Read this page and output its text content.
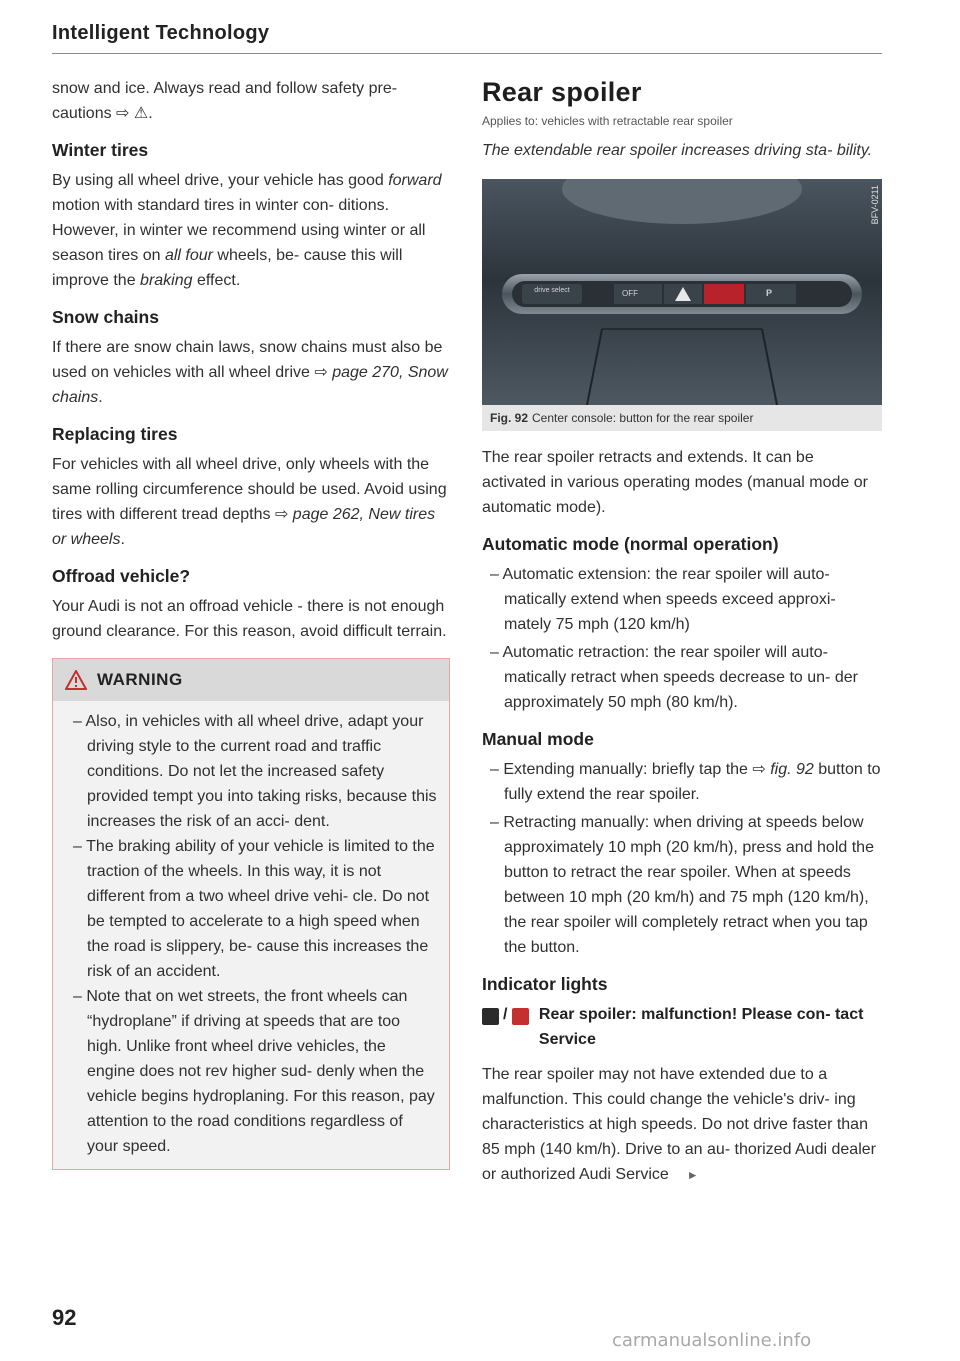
Intelligent Technology

snow and ice. Always read and follow safety pre- cautions ⇨ ⚠.

Winter tires

By using all wheel drive, your vehicle has good forward motion with standard tires in winter con- ditions. However, in winter we recommend using winter or all season tires on all four wheels, be- cause this will improve the braking effect.

Snow chains

If there are snow chain laws, snow chains must also be used on vehicles with all wheel drive ⇨ page 270, Snow chains.

Replacing tires

For vehicles with all wheel drive, only wheels with the same rolling circumference should be used. Avoid using tires with different tread depths ⇨ page 262, New tires or wheels.

Offroad vehicle?

Your Audi is not an offroad vehicle - there is not enough ground clearance. For this reason, avoid difficult terrain.

WARNING
– Also, in vehicles with all wheel drive, adapt your driving style to the current road and traffic conditions. Do not let the increased safety provided tempt you into taking risks, because this increases the risk of an acci- dent.
– The braking ability of your vehicle is limited to the traction of the wheels. In this way, it is not different from a two wheel drive vehi- cle. Do not be tempted to accelerate to a high speed when the road is slippery, be- cause this increases the risk of an accident.
– Note that on wet streets, the front wheels can “hydroplane” if driving at speeds that are too high. Unlike front wheel drive vehicles, the engine does not rev higher sud- denly when the vehicle begins hydroplaning. For this reason, pay attention to the road conditions regardless of your speed.
Rear spoiler
Applies to: vehicles with retractable rear spoiler
The extendable rear spoiler increases driving sta- bility.
drive select	OFF	P
BFV-0211
Fig. 92 Center console: button for the rear spoiler

The rear spoiler retracts and extends. It can be activated in various operating modes (manual mode or automatic mode).

Automatic mode (normal operation)
– Automatic extension: the rear spoiler will auto- matically extend when speeds exceed approxi- mately 75 mph (120 km/h)
– Automatic retraction: the rear spoiler will auto- matically retract when speeds decrease to un- der approximately 50 mph (80 km/h).
Manual mode
– Extending manually: briefly tap the ⇨ fig. 92 button to fully extend the rear spoiler.
– Retracting manually: when driving at speeds below approximately 10 mph (20 km/h), press and hold the button to retract the rear spoiler. When at speeds between 10 mph (20 km/h) and 75 mph (120 km/h), the rear spoiler will completely retract when you tap the button.
Indicator lights
/	Rear spoiler: malfunction! Please con- tact Service

The rear spoiler may not have extended due to a malfunction. This could change the vehicle's driv- ing characteristics at high speeds. Do not drive faster than 85 mph (140 km/h). Drive to an au- thorized Audi dealer or authorized Audi Service ►

92
carmanualsonline.info
